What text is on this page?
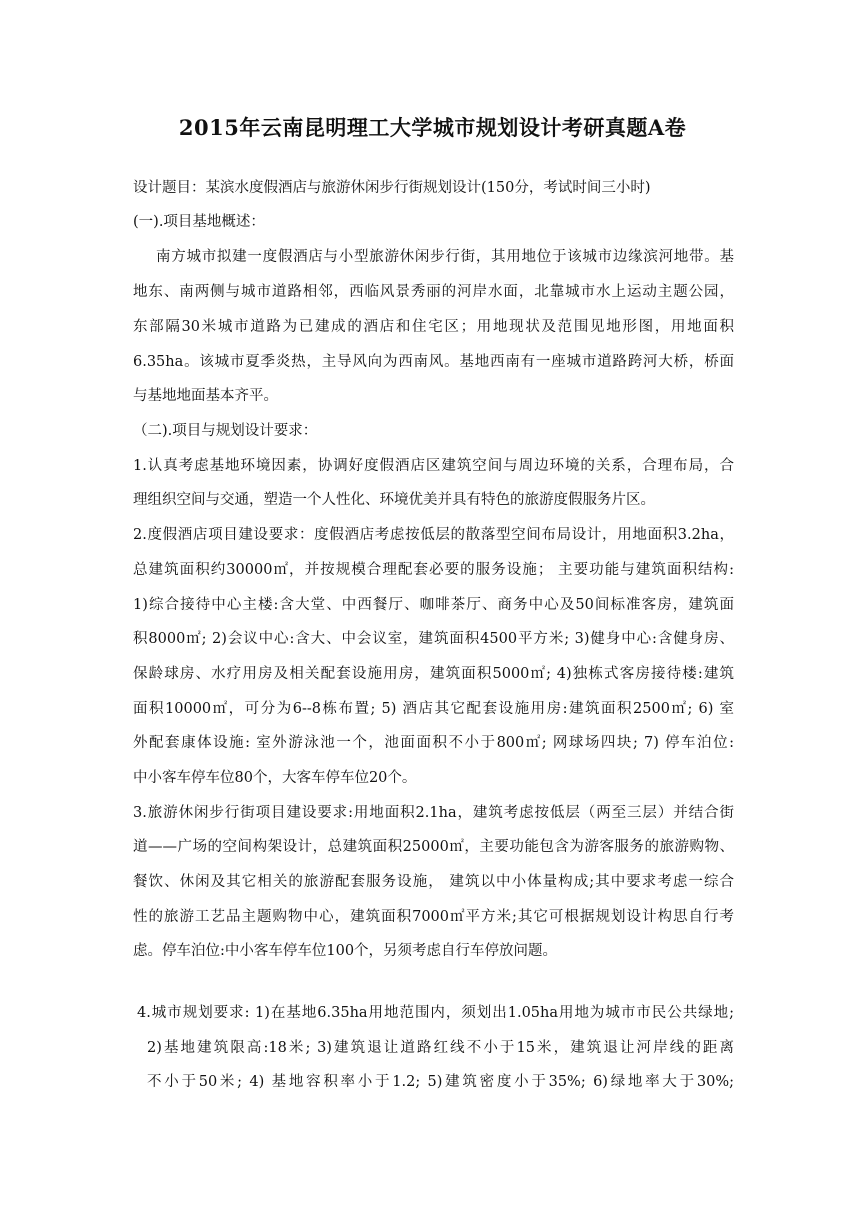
2015年云南昆明理工大学城市规划设计考研真题A卷
设计题目：某滨水度假酒店与旅游休闲步行街规划设计(150分，考试时间三小时)
(一).项目基地概述：
南方城市拟建一度假酒店与小型旅游休闲步行街，其用地位于该城市边缘滨河地带。基
地东、南两侧与城市道路相邻，西临风景秀丽的河岸水面，北靠城市水上运动主题公园，
东部隔30米城市道路为已建成的酒店和住宅区；用地现状及范围见地形图，用地面积
6.35ha。该城市夏季炎热，主导风向为西南风。基地西南有一座城市道路跨河大桥，桥面
与基地地面基本齐平。
（二).项目与规划设计要求：
1.认真考虑基地环境因素，协调好度假酒店区建筑空间与周边环境的关系，合理布局，合
理组织空间与交通，塑造一个人性化、环境优美并具有特色的旅游度假服务片区。
2.度假酒店项目建设要求：度假酒店考虑按低层的散落型空间布局设计，用地面积3.2ha，
总建筑面积约30000㎡，并按规模合理配套必要的服务设施； 主要功能与建筑面积结构:
1)综合接待中心主楼:含大堂、中西餐厅、咖啡茶厅、商务中心及50间标准客房，建筑面
积8000㎡; 2)会议中心:含大、中会议室，建筑面积4500平方米; 3)健身中心:含健身房、
保龄球房、水疗用房及相关配套设施用房，建筑面积5000㎡; 4)独栋式客房接待楼:建筑
面积10000㎡，可分为6--8栋布置; 5) 酒店其它配套设施用房:建筑面积2500㎡; 6) 室
外配套康体设施: 室外游泳池一个，池面面积不小于800㎡; 网球场四块; 7) 停车泊位:
中小客车停车位80个，大客车停车位20个。
3.旅游休闲步行街项目建设要求:用地面积2.1ha，建筑考虑按低层（两至三层）并结合街
道——广场的空间构架设计，总建筑面积25000㎡，主要功能包含为游客服务的旅游购物、
餐饮、休闲及其它相关的旅游配套服务设施， 建筑以中小体量构成;其中要求考虑一综合
性的旅游工艺品主题购物中心，建筑面积7000㎡平方米;其它可根据规划设计构思自行考
虑。停车泊位:中小客车停车位100个，另须考虑自行车停放问题。
4.城市规划要求: 1)在基地6.35ha用地范围内，须划出1.05ha用地为城市市民公共绿地;
2)基地建筑限高:18米; 3)建筑退让道路红线不小于15米，建筑退让河岸线的距离
不小于50米; 4) 基地容积率小于1.2; 5)建筑密度小于35%; 6)绿地率大于30%;
